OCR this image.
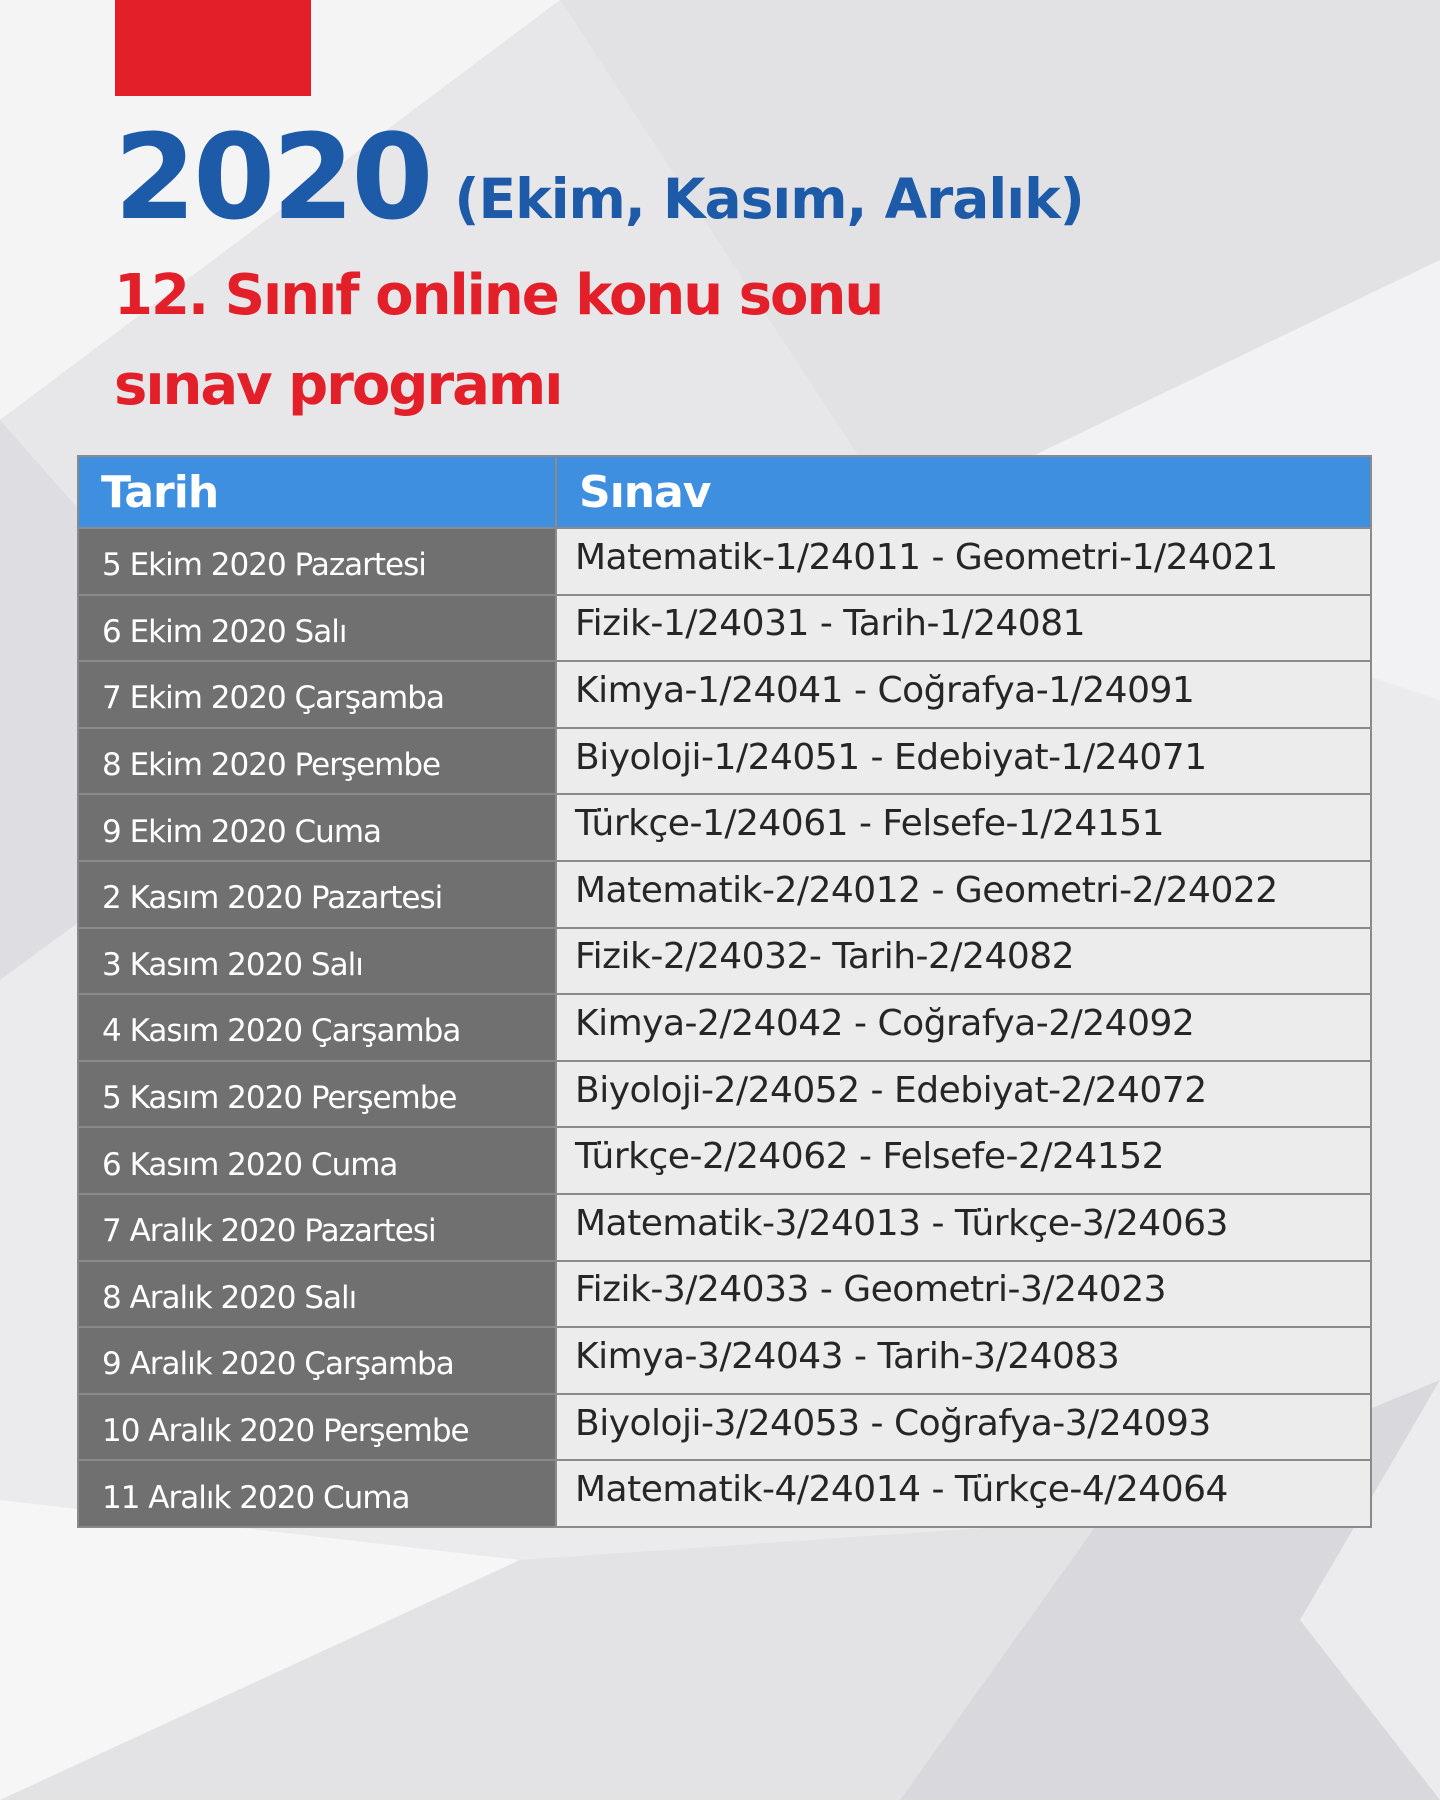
2020 (Ekim, Kasım, Aralık)
12. Sınıf online konu sonu
sınav programı
Tarih	Sınav
5 Ekim 2020 Pazartesi	Matematik-1/24011 - Geometri-1/24021
6 Ekim 2020 Salı	Fizik-1/24031 - Tarih-1/24081
7 Ekim 2020 Çarşamba	Kimya-1/24041 - Coğrafya-1/24091
8 Ekim 2020 Perşembe	Biyoloji-1/24051 - Edebiyat-1/24071
9 Ekim 2020 Cuma	Türkçe-1/24061 - Felsefe-1/24151
2 Kasım 2020 Pazartesi	Matematik-2/24012 - Geometri-2/24022
3 Kasım 2020 Salı	Fizik-2/24032- Tarih-2/24082
4 Kasım 2020 Çarşamba	Kimya-2/24042 - Coğrafya-2/24092
5 Kasım 2020 Perşembe	Biyoloji-2/24052 - Edebiyat-2/24072
6 Kasım 2020 Cuma	Türkçe-2/24062 - Felsefe-2/24152
7 Aralık 2020 Pazartesi	Matematik-3/24013 - Türkçe-3/24063
8 Aralık 2020 Salı	Fizik-3/24033 - Geometri-3/24023
9 Aralık 2020 Çarşamba	Kimya-3/24043 - Tarih-3/24083
10 Aralık 2020 Perşembe	Biyoloji-3/24053 - Coğrafya-3/24093
11 Aralık 2020 Cuma	Matematik-4/24014 - Türkçe-4/24064
